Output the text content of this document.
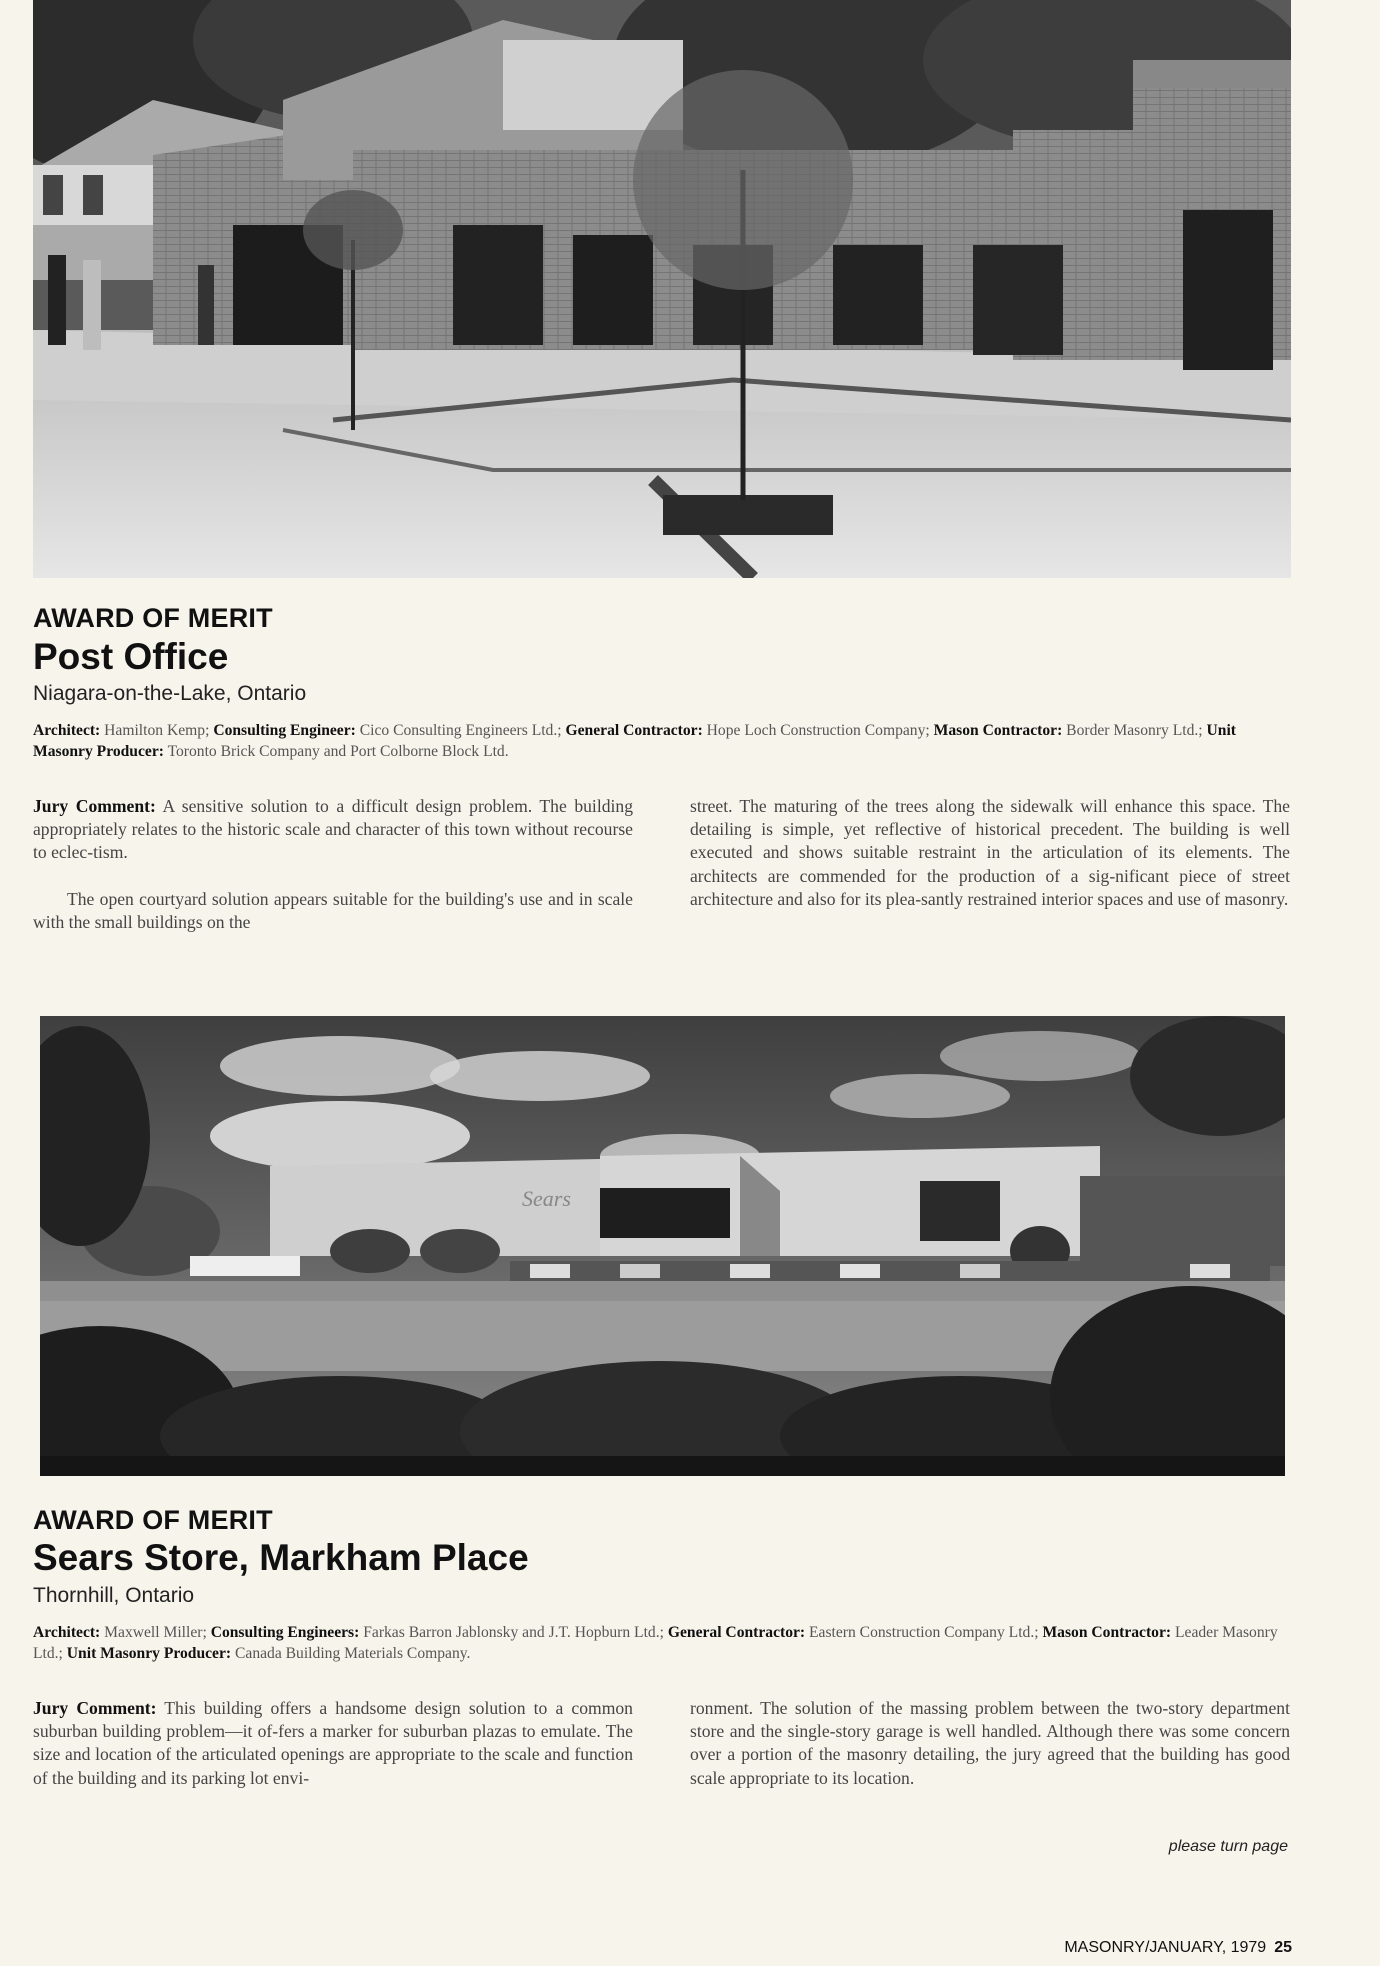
AWARD OF MERIT
Post Office
Niagara-on-the-Lake, Ontario
Architect: Hamilton Kemp; Consulting Engineer: Cico Consulting Engineers Ltd.; General Contractor: Hope Loch Construction Company; Mason Contractor: Border Masonry Ltd.; Unit Masonry Producer: Toronto Brick Company and Port Colborne Block Ltd.

Jury Comment: A sensitive solution to a difficult design problem. The building appropriately relates to the historic scale and character of this town without recourse to eclec-tism.

The open courtyard solution appears suitable for the building's use and in scale with the small buildings on the

street. The maturing of the trees along the sidewalk will enhance this space. The detailing is simple, yet reflective of historical precedent. The building is well executed and shows suitable restraint in the articulation of its elements. The architects are commended for the production of a sig-nificant piece of street architecture and also for its plea-santly restrained interior spaces and use of masonry.

Sears
AWARD OF MERIT
Sears Store, Markham Place
Thornhill, Ontario
Architect: Maxwell Miller; Consulting Engineers: Farkas Barron Jablonsky and J.T. Hopburn Ltd.; General Contractor: Eastern Construction Company Ltd.; Mason Contractor: Leader Masonry Ltd.; Unit Masonry Producer: Canada Building Materials Company.

Jury Comment: This building offers a handsome design solution to a common suburban building problem—it of-fers a marker for suburban plazas to emulate. The size and location of the articulated openings are appropriate to the scale and function of the building and its parking lot envi-

ronment. The solution of the massing problem between the two-story department store and the single-story garage is well handled. Although there was some concern over a portion of the masonry detailing, the jury agreed that the building has good scale appropriate to its location.

please turn page
MASONRY/JANUARY, 1979 25
